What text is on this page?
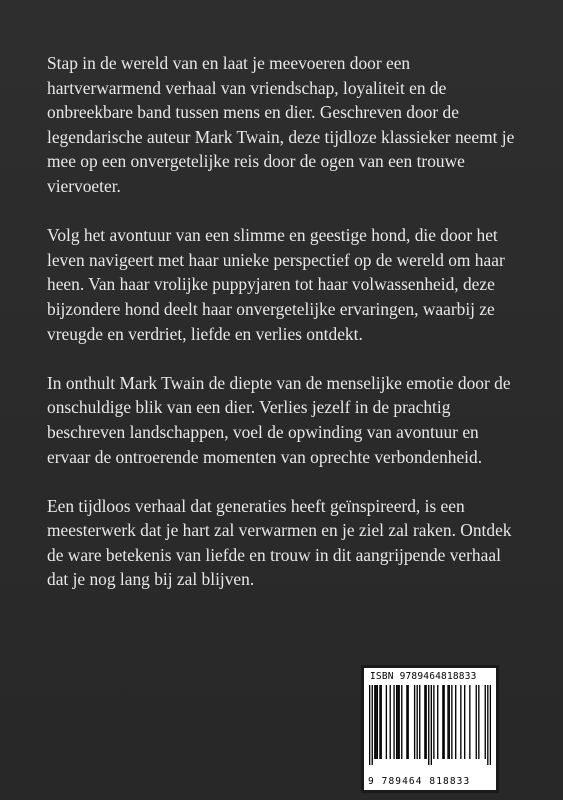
Stap in de wereld van en laat je meevoeren door een hartverwarmend verhaal van vriendschap, loyaliteit en de onbreekbare band tussen mens en dier. Geschreven door de legendarische auteur Mark Twain, deze tijdloze klassieker neemt je mee op een onvergetelijke reis door de ogen van een trouwe viervoeter.

Volg het avontuur van een slimme en geestige hond, die door het leven navigeert met haar unieke perspectief op de wereld om haar heen. Van haar vrolijke puppyjaren tot haar volwassenheid, deze bijzondere hond deelt haar onvergetelijke ervaringen, waarbij ze vreugde en verdriet, liefde en verlies ontdekt.

In onthult Mark Twain de diepte van de menselijke emotie door de onschuldige blik van een dier. Verlies jezelf in de prachtig beschreven landschappen, voel de opwinding van avontuur en ervaar de ontroerende momenten van oprechte verbondenheid.

Een tijdloos verhaal dat generaties heeft geïnspireerd, is een meesterwerk dat je hart zal verwarmen en je ziel zal raken. Ontdek de ware betekenis van liefde en trouw in dit aangrijpende verhaal dat je nog lang bij zal blijven.

ISBN 9789464818833
9 789464 818833
